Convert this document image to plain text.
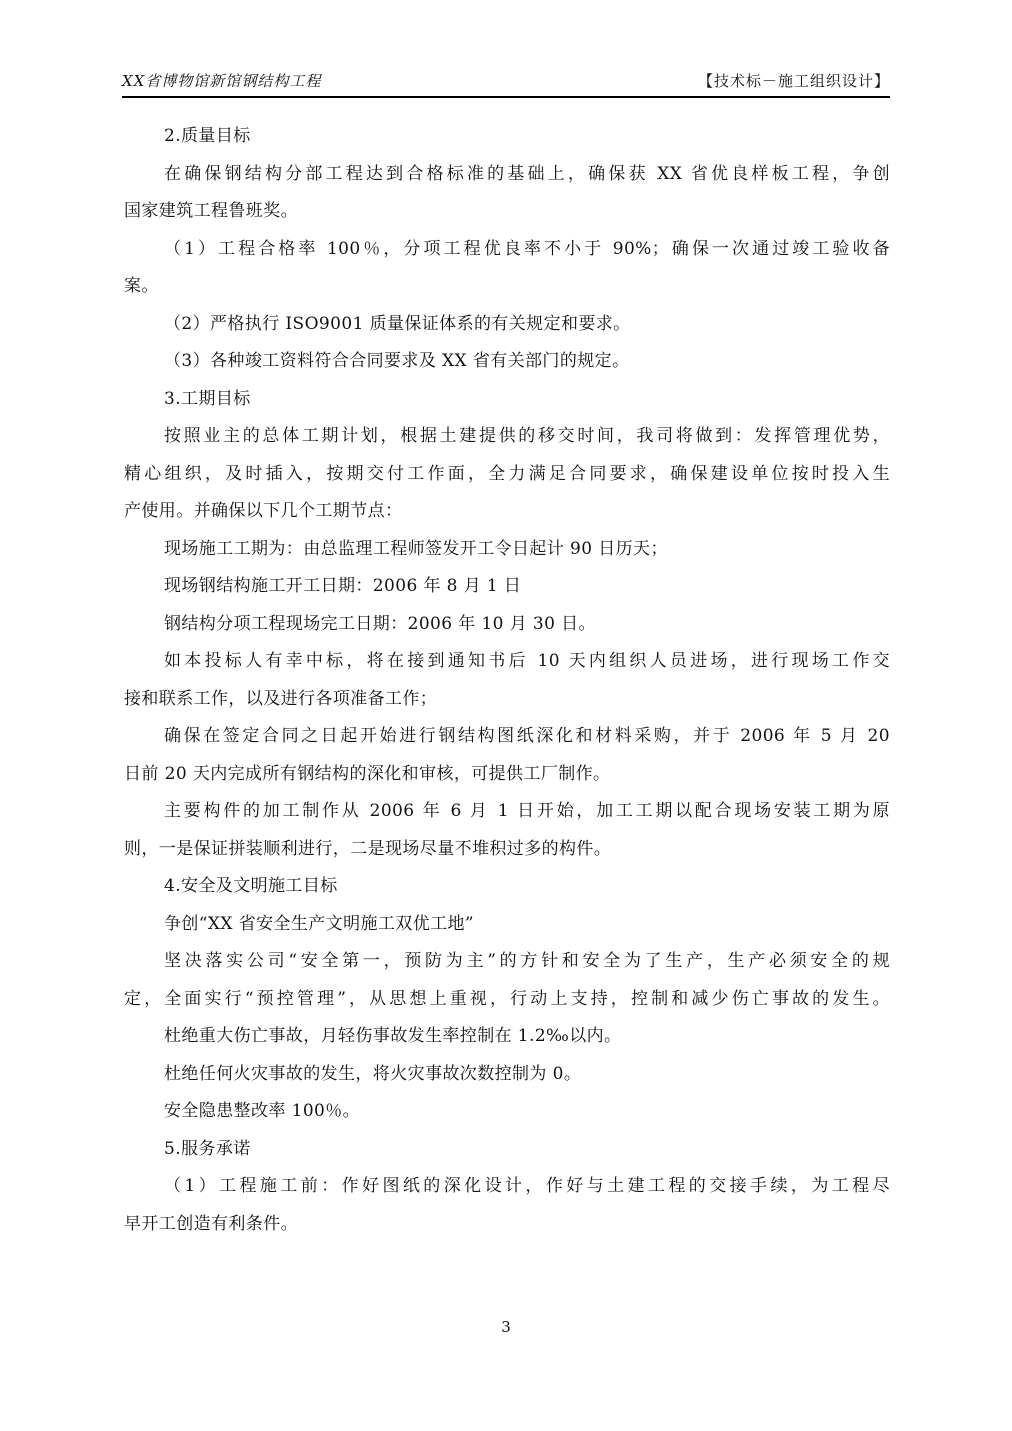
XX省博物馆新馆钢结构工程	【技术标－施工组织设计】
2.质量目标
在确保钢结构分部工程达到合格标准的基础上，确保获 XX 省优良样板工程，争创
国家建筑工程鲁班奖。
（1）工程合格率 100％，分项工程优良率不小于 90%；确保一次通过竣工验收备
案。
（2）严格执行 ISO9001 质量保证体系的有关规定和要求。
（3）各种竣工资料符合合同要求及 XX 省有关部门的规定。
3.工期目标
按照业主的总体工期计划，根据土建提供的移交时间，我司将做到：发挥管理优势，
精心组织，及时插入，按期交付工作面，全力满足合同要求，确保建设单位按时投入生
产使用。并确保以下几个工期节点：
现场施工工期为：由总监理工程师签发开工令日起计 90 日历天；
现场钢结构施工开工日期：2006 年 8 月 1 日
钢结构分项工程现场完工日期：2006 年 10 月 30 日。
如本投标人有幸中标，将在接到通知书后 10 天内组织人员进场，进行现场工作交
接和联系工作，以及进行各项准备工作；
确保在签定合同之日起开始进行钢结构图纸深化和材料采购，并于 2006 年 5 月 20
日前 20 天内完成所有钢结构的深化和审核，可提供工厂制作。
主要构件的加工制作从 2006 年 6 月 1 日开始，加工工期以配合现场安装工期为原
则，一是保证拼装顺利进行，二是现场尽量不堆积过多的构件。
4.安全及文明施工目标
争创“XX 省安全生产文明施工双优工地”
坚决落实公司“安全第一，预防为主”的方针和安全为了生产，生产必须安全的规
定，全面实行“预控管理”，从思想上重视，行动上支持，控制和减少伤亡事故的发生。
杜绝重大伤亡事故，月轻伤事故发生率控制在 1.2‰以内。
杜绝任何火灾事故的发生，将火灾事故次数控制为 0。
安全隐患整改率 100％。
5.服务承诺
（1）工程施工前：作好图纸的深化设计，作好与土建工程的交接手续，为工程尽
早开工创造有利条件。
3
